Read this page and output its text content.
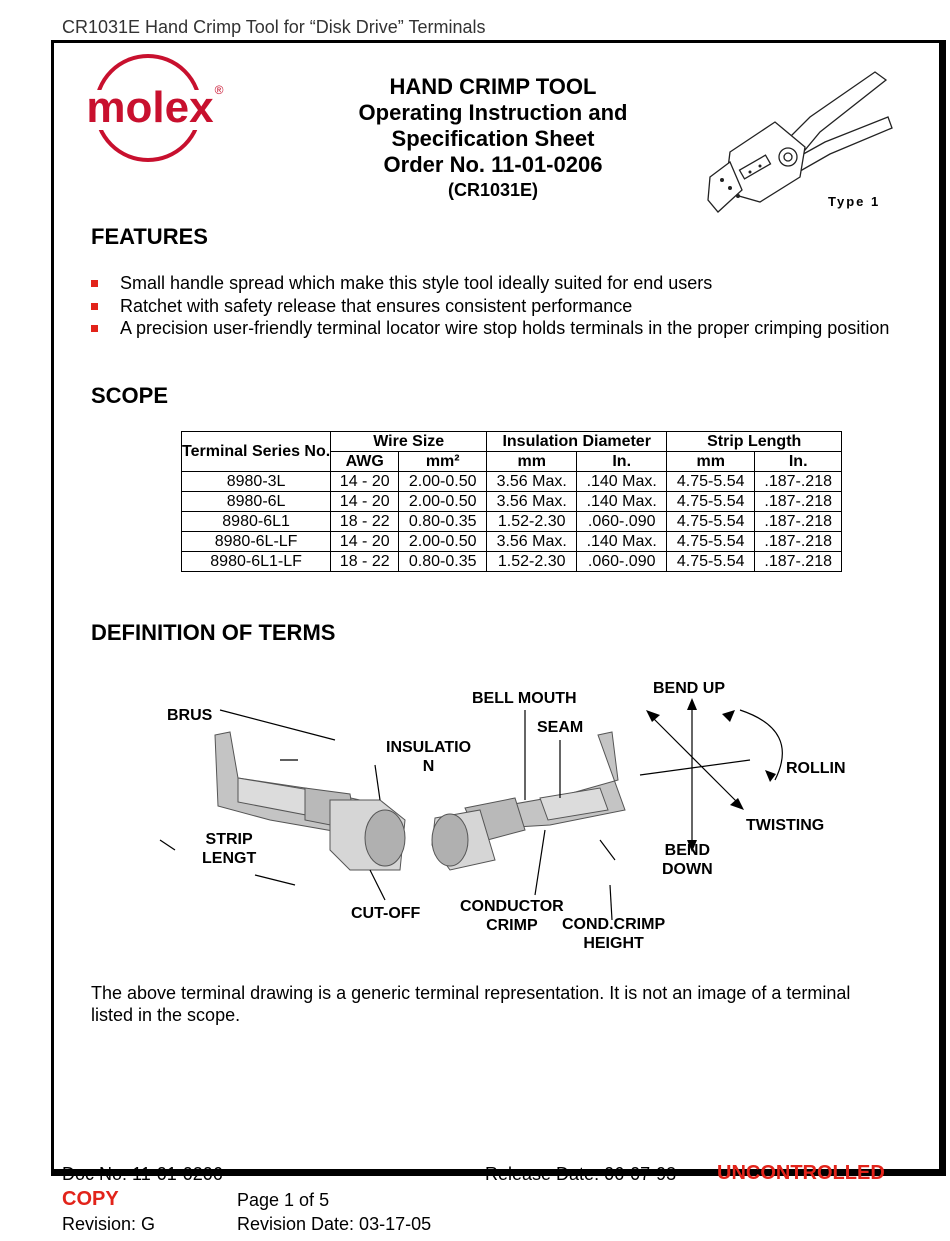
CR1031E Hand Crimp Tool for “Disk Drive” Terminals
molex ®	HAND CRIMP TOOL
Operating Instruction and
Specification Sheet
Order No. 11-01-0206
(CR1031E)
Type 1
FEATURES
Small handle spread which make this style tool ideally suited for end users
Ratchet with safety release that ensures consistent performance
A precision user-friendly terminal locator wire stop holds terminals in the proper crimping position
SCOPE
Terminal Series No.	Wire Size		Insulation Diameter		Strip Length	
	AWG	mm²	mm	In.	mm	In.
8980-3L	14 - 20	2.00-0.50	3.56 Max.	.140 Max.	4.75-5.54	.187-.218
8980-6L	14 - 20	2.00-0.50	3.56 Max.	.140 Max.	4.75-5.54	.187-.218
8980-6L1	18 - 22	0.80-0.35	1.52-2.30	.060-.090	4.75-5.54	.187-.218
8980-6L-LF	14 - 20	2.00-0.50	3.56 Max.	.140 Max.	4.75-5.54	.187-.218
8980-6L1-LF	18 - 22	0.80-0.35	1.52-2.30	.060-.090	4.75-5.54	.187-.218
DEFINITION OF TERMS
BRUS
INSULATIO
N
STRIP
LENGT
CUT-OFF
BELL MOUTH
SEAM
CONDUCTOR
CRIMP	COND.CRIMP
HEIGHT
BEND UP
ROLLIN
TWISTING
BEND
DOWN
The above terminal drawing is a generic terminal representation. It is not an image of a terminal listed in the scope.
Doc No: 11-01-0206	Release Date: 06-07-93 UNCONTROLLED
COPY	Page 1 of 5
Revision: G	Revision Date: 03-17-05
